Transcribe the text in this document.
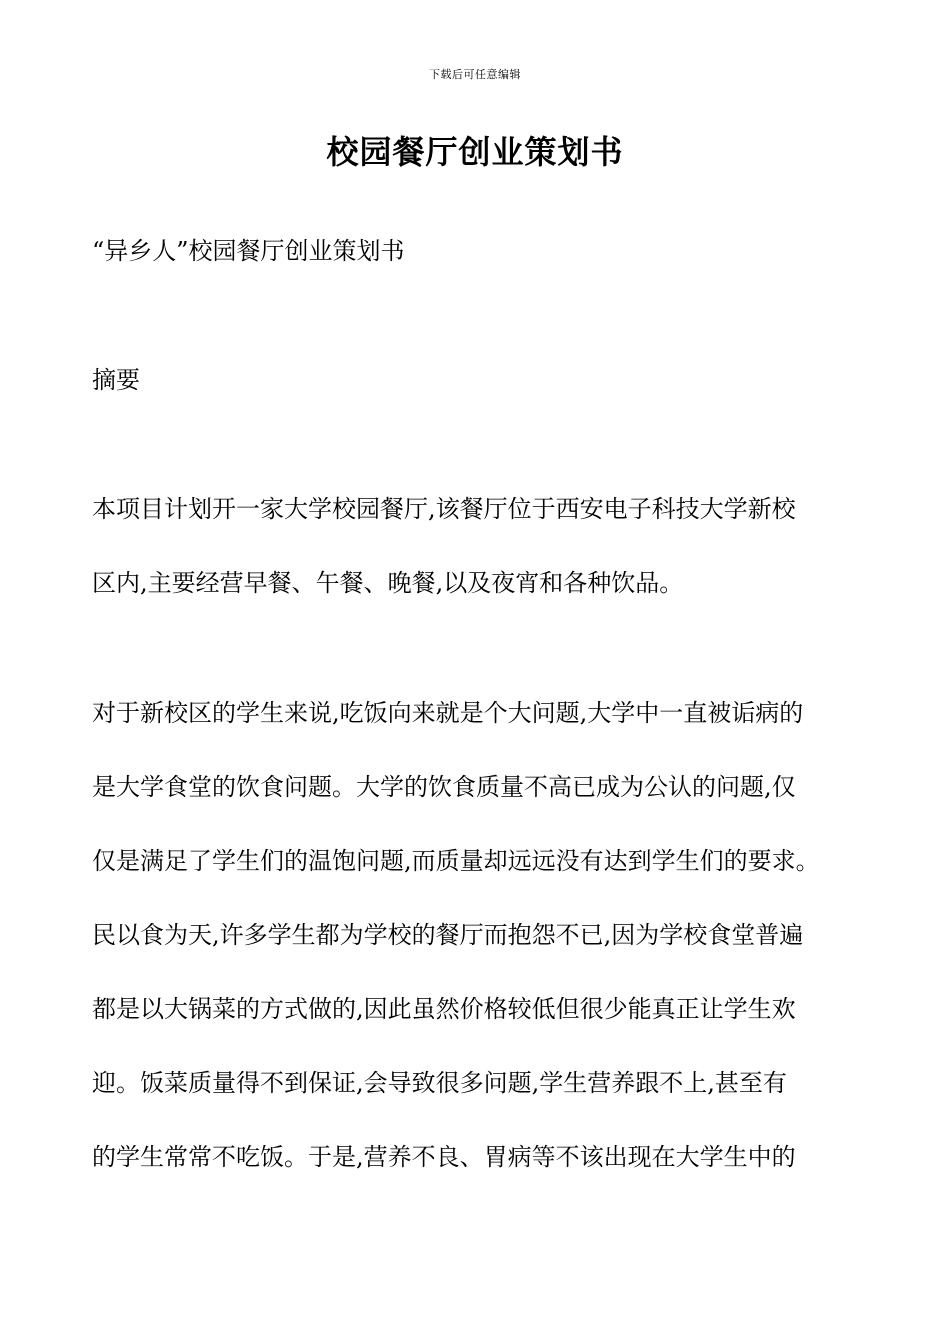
下载后可任意编辑
校园餐厅创业策划书
“异乡人”校园餐厅创业策划书
摘要
本项目计划开一家大学校园餐厅,该餐厅位于西安电子科技大学新校
区内,主要经营早餐、午餐、晚餐,以及夜宵和各种饮品。
对于新校区的学生来说,吃饭向来就是个大问题,大学中一直被诟病的
是大学食堂的饮食问题。大学的饮食质量不高已成为公认的问题,仅
仅是满足了学生们的温饱问题,而质量却远远没有达到学生们的要求。
民以食为天,许多学生都为学校的餐厅而抱怨不已,因为学校食堂普遍
都是以大锅菜的方式做的,因此虽然价格较低但很少能真正让学生欢
迎。饭菜质量得不到保证,会导致很多问题,学生营养跟不上,甚至有
的学生常常不吃饭。于是,营养不良、胃病等不该出现在大学生中的
